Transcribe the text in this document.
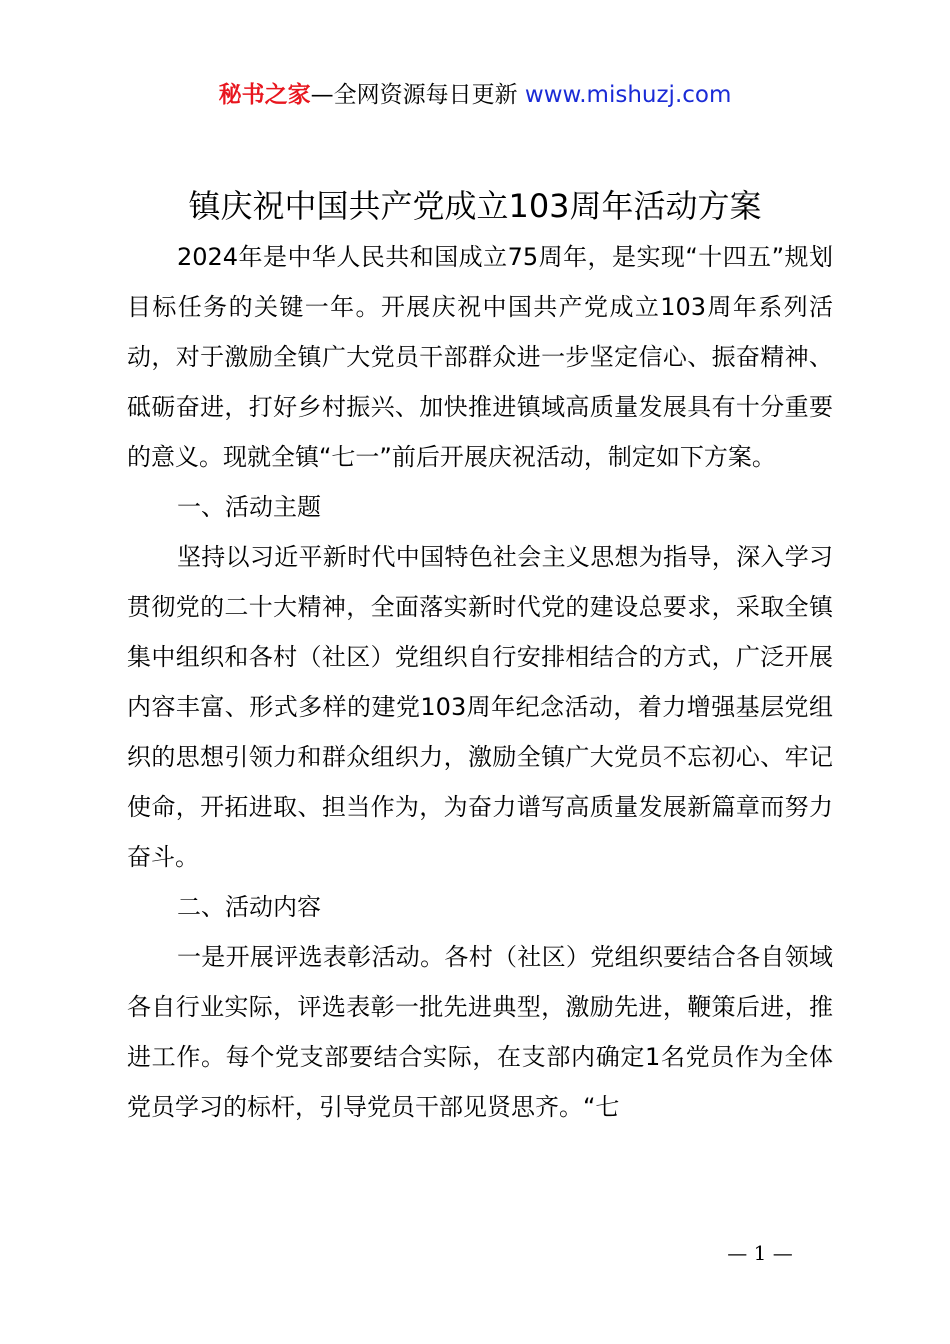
秘书之家—全网资源每日更新 www.mishuzj.com
镇庆祝中国共产党成立103周年活动方案

2024年是中华人民共和国成立75周年，是实现“十四五”规划目标任务的关键一年。开展庆祝中国共产党成立103周年系列活动，对于激励全镇广大党员干部群众进一步坚定信心、振奋精神、砥砺奋进，打好乡村振兴、加快推进镇域高质量发展具有十分重要的意义。现就全镇“七一”前后开展庆祝活动，制定如下方案。

一、活动主题

坚持以习近平新时代中国特色社会主义思想为指导，深入学习贯彻党的二十大精神，全面落实新时代党的建设总要求，采取全镇集中组织和各村（社区）党组织自行安排相结合的方式，广泛开展内容丰富、形式多样的建党103周年纪念活动，着力增强基层党组织的思想引领力和群众组织力，激励全镇广大党员不忘初心、牢记使命，开拓进取、担当作为，为奋力谱写高质量发展新篇章而努力奋斗。

二、活动内容

一是开展评选表彰活动。各村（社区）党组织要结合各自领域各自行业实际，评选表彰一批先进典型，激励先进，鞭策后进，推进工作。每个党支部要结合实际，在支部内确定1名党员作为全体党员学习的标杆，引导党员干部见贤思齐。“七

— 1 —
